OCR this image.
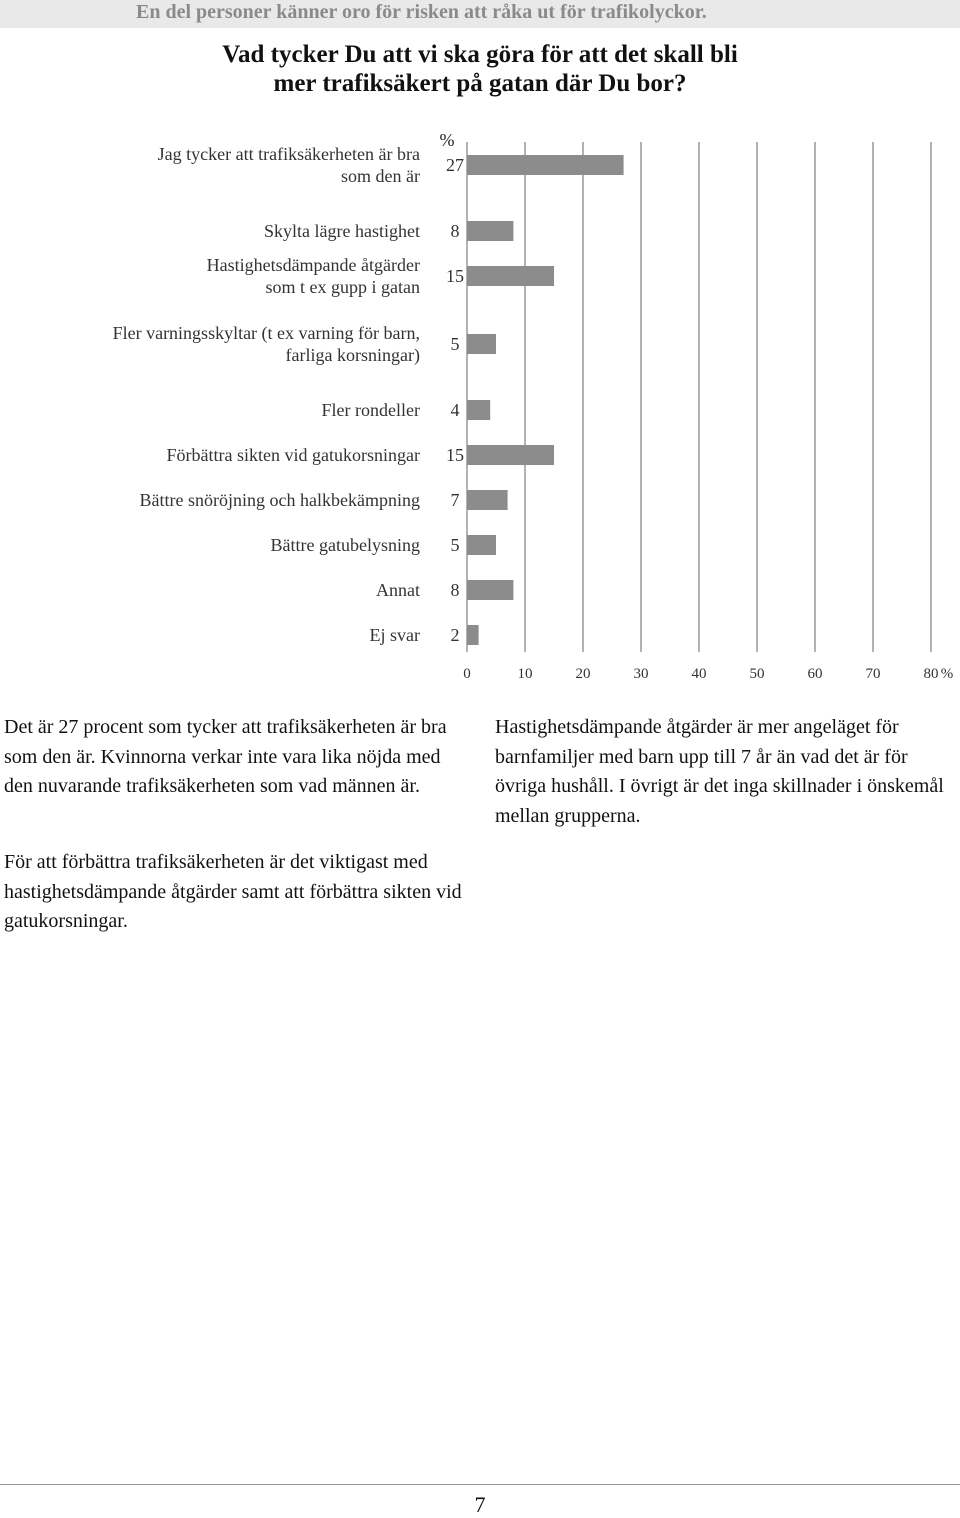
En del personer känner oro för risken att råka ut för trafikolyckor.
Vad tycker Du att vi ska göra för att det skall bli
mer trafiksäkert på gatan där Du bor?
%
Jag tycker att trafiksäkerheten är bra
som den är
27
Skylta lägre hastighet 8
Hastighetsdämpande åtgärder
som t ex gupp i gatan
15
Fler varningsskyltar (t ex varning för barn,
farliga korsningar)
5
Fler rondeller 4
Förbättra sikten vid gatukorsningar 15
Bättre snöröjning och halkbekämpning 7
Bättre gatubelysning 5
Annat 8
Ej svar 2
0	10	20	30	40	50	60	70	80 %
Det är 27 procent som tycker att trafiksäkerheten är bra som den är. Kvinnorna verkar inte vara lika nöjda med den nuvarande trafiksäkerheten som vad männen är.
För att förbättra trafiksäkerheten är det viktigast med hastighetsdämpande åtgärder samt att förbättra sikten vid gatukorsningar.
Hastighetsdämpande åtgärder är mer angeläget för barnfamiljer med barn upp till 7 år än vad det är för övriga hushåll. I övrigt är det inga skillnader i önskemål mellan grupperna.
7
